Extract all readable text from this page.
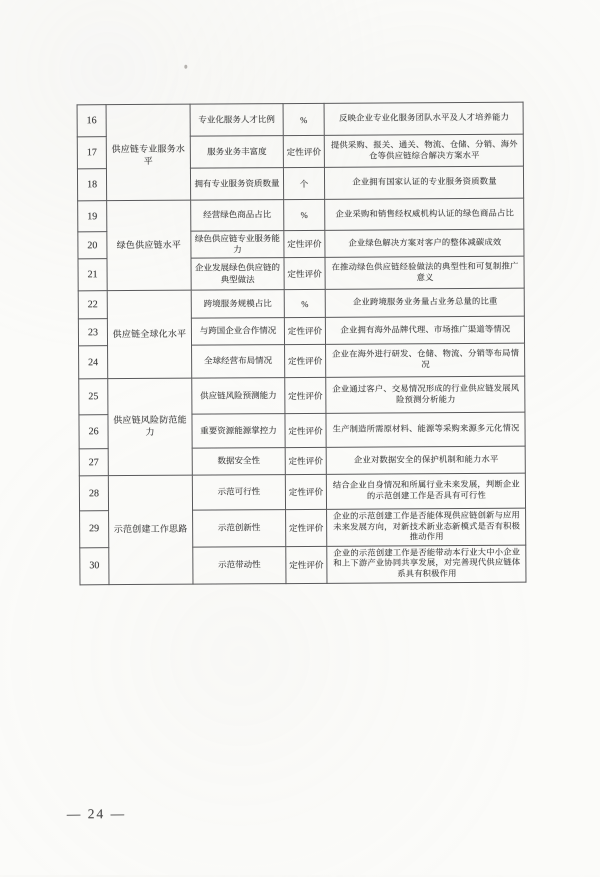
16	供应链专业服务水平	专业化服务人才比例	%	反映企业专业化服务团队水平及人才培养能力
17		服务业务丰富度	定性评价	提供采购、报关、通关、物流、仓储、分销、海外仓等供应链综合解决方案水平
18		拥有专业服务资质数量	个	企业拥有国家认证的专业服务资质数量
19	绿色供应链水平	经营绿色商品占比	%	企业采购和销售经权威机构认证的绿色商品占比
20		绿色供应链专业服务能力	定性评价	企业绿色解决方案对客户的整体减碳成效
21		企业发展绿色供应链的典型做法	定性评价	在推动绿色供应链经验做法的典型性和可复制推广意义
22	供应链全球化水平	跨境服务规模占比	%	企业跨境服务业务量占业务总量的比重
23		与跨国企业合作情况	定性评价	企业拥有海外品牌代理、市场推广渠道等情况
24		全球经营布局情况	定性评价	企业在海外进行研发、仓储、物流、分销等布局情况
25	供应链风险防范能力	供应链风险预测能力	定性评价	企业通过客户、交易情况形成的行业供应链发展风险预测分析能力
26		重要资源能源掌控力	定性评价	生产制造所需原材料、能源等采购来源多元化情况
27		数据安全性	定性评价	企业对数据安全的保护机制和能力水平
28	示范创建工作思路	示范可行性	定性评价	结合企业自身情况和所属行业未来发展，判断企业的示范创建工作是否具有可行性
29		示范创新性	定性评价	企业的示范创建工作是否能体现供应链创新与应用未来发展方向，对新技术新业态新模式是否有积极推动作用
30		示范带动性	定性评价	企业的示范创建工作是否能带动本行业大中小企业和上下游产业协同共享发展，对完善现代供应链体系具有积极作用
— 24 —
